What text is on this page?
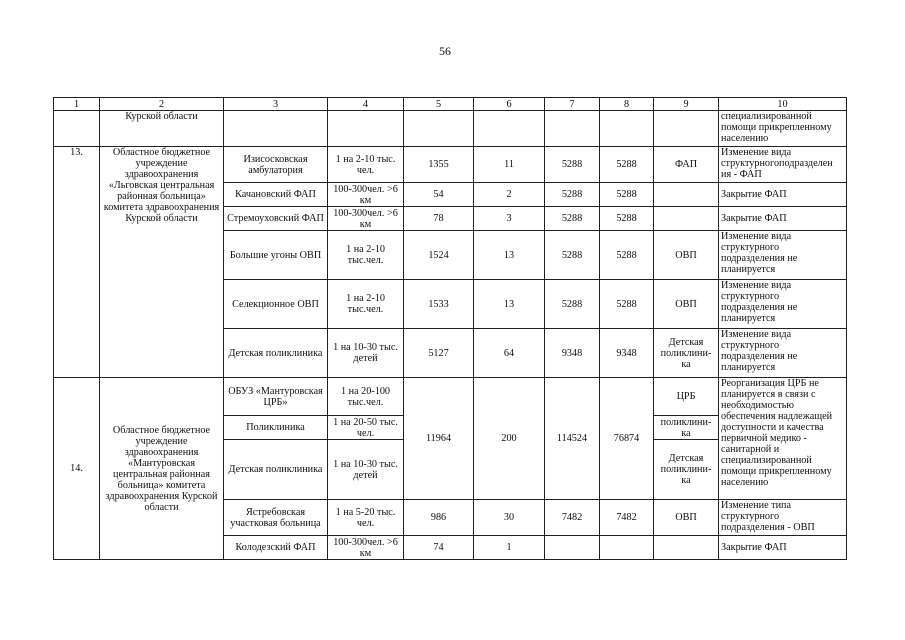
56
1	2	3	4	5	6	7	8	9	10
	Курской области								специализированной помощи прикрепленному населению
13.	Областное бюджетное учреждение здравоохранения «Льговская центральная районная больница» комитета здравоохранения Курской области	Изисосковская амбулатория	1 на 2-10 тыс. чел.	1355	11	5288	5288	ФАП	Изменение вида структурногоподразделен ия - ФАП
		Качановский ФАП	100-300чел. >6 км	54	2	5288	5288		Закрытие ФАП
		Стремоуховский ФАП	100-300чел. >6 км	78	3	5288	5288		Закрытие ФАП
		Большие угоны ОВП	1 на 2-10 тыс.чел.	1524	13	5288	5288	ОВП	Изменение вида структурного подразделения не планируется
		Селекционное ОВП	1 на 2-10 тыс.чел.	1533	13	5288	5288	ОВП	Изменение вида структурного подразделения не планируется
		Детская поликлиника	1 на 10-30 тыс. детей	5127	64	9348	9348	Детская поликлини- ка	Изменение вида структурного подразделения не планируется
14.	Областное бюджетное учреждение здравоохранения «Мантуровская центральная районная больница» комитета здравоохранения Курской области	ОБУЗ «Мантуровская ЦРБ»	1 на 20-100 тыс.чел.	11964	200	114524	76874	ЦРБ	Реорганизация ЦРБ не планируется в связи с необходимостью обеспечения надлежащей доступности и качества первичной медико - санитарной и специализированной помощи прикрепленному населению
		Поликлиника	1 на 20-50 тыс. чел.					поликлини- ка	
		Детская поликлиника	1 на 10-30 тыс. детей					Детская поликлини- ка	
		Ястребовская участковая больница	1 на 5-20 тыс. чел.	986	30	7482	7482	ОВП	Изменение типа структурного подразделения - ОВП
		Колодезский ФАП	100-300чел. >6 км	74	1				Закрытие ФАП
